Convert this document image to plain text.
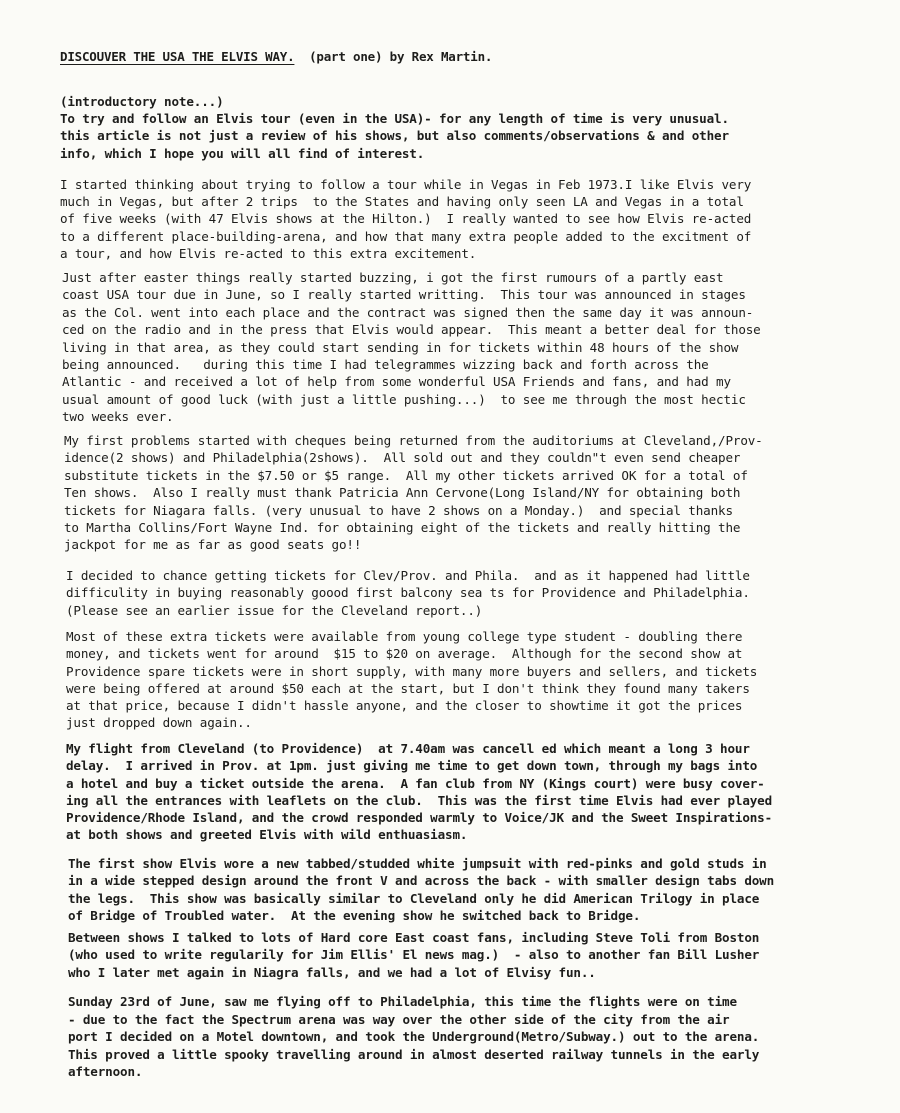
DISCOUVER THE USA THE ELVIS WAY. (part one) by Rex Martin.
(introductory note...)
To try and follow an Elvis tour (even in the USA)- for any length of time is very unusual.
this article is not just a review of his shows, but also comments/observations & and other
info, which I hope you will all find of interest.
I started thinking about trying to follow a tour while in Vegas in Feb 1973.I like Elvis very
much in Vegas, but after 2 trips  to the States and having only seen LA and Vegas in a total
of five weeks (with 47 Elvis shows at the Hilton.)  I really wanted to see how Elvis re-acted
to a different place-building-arena, and how that many extra people added to the excitment of
a tour, and how Elvis re-acted to this extra excitement.
Just after easter things really started buzzing, i got the first rumours of a partly east
coast USA tour due in June, so I really started writting.  This tour was announced in stages
as the Col. went into each place and the contract was signed then the same day it was announ-
ced on the radio and in the press that Elvis would appear.  This meant a better deal for those
living in that area, as they could start sending in for tickets within 48 hours of the show
being announced.   during this time I had telegrammes wizzing back and forth across the
Atlantic - and received a lot of help from some wonderful USA Friends and fans, and had my
usual amount of good luck (with just a little pushing...)  to see me through the most hectic
two weeks ever.
My first problems started with cheques being returned from the auditoriums at Cleveland,/Prov-
idence(2 shows) and Philadelphia(2shows).  All sold out and they couldn"t even send cheaper
substitute tickets in the $7.50 or $5 range.  All my other tickets arrived OK for a total of
Ten shows.  Also I really must thank Patricia Ann Cervone(Long Island/NY for obtaining both
tickets for Niagara falls. (very unusual to have 2 shows on a Monday.)  and special thanks
to Martha Collins/Fort Wayne Ind. for obtaining eight of the tickets and really hitting the
jackpot for me as far as good seats go!!
I decided to chance getting tickets for Clev/Prov. and Phila.  and as it happened had little
difficulity in buying reasonably goood first balcony sea ts for Providence and Philadelphia.
(Please see an earlier issue for the Cleveland report..)
Most of these extra tickets were available from young college type student - doubling there
money, and tickets went for around  $15 to $20 on average.  Although for the second show at
Providence spare tickets were in short supply, with many more buyers and sellers, and tickets
were being offered at around $50 each at the start, but I don't think they found many takers
at that price, because I didn't hassle anyone, and the closer to showtime it got the prices
just dropped down again..
My flight from Cleveland (to Providence)  at 7.40am was cancell ed which meant a long 3 hour
delay.  I arrived in Prov. at 1pm. just giving me time to get down town, through my bags into
a hotel and buy a ticket outside the arena.  A fan club from NY (Kings court) were busy cover-
ing all the entrances with leaflets on the club.  This was the first time Elvis had ever played
Providence/Rhode Island, and the crowd responded warmly to Voice/JK and the Sweet Inspirations-
at both shows and greeted Elvis with wild enthuasiasm.
The first show Elvis wore a new tabbed/studded white jumpsuit with red-pinks and gold studs in
in a wide stepped design around the front V and across the back - with smaller design tabs down
the legs.  This show was basically similar to Cleveland only he did American Trilogy in place
of Bridge of Troubled water.  At the evening show he switched back to Bridge.
Between shows I talked to lots of Hard core East coast fans, including Steve Toli from Boston
(who used to write regularily for Jim Ellis' El news mag.)  - also to another fan Bill Lusher
who I later met again in Niagra falls, and we had a lot of Elvisy fun..
Sunday 23rd of June, saw me flying off to Philadelphia, this time the flights were on time
- due to the fact the Spectrum arena was way over the other side of the city from the air
port I decided on a Motel downtown, and took the Underground(Metro/Subway.) out to the arena.
This proved a little spooky travelling around in almost deserted railway tunnels in the early
afternoon.
